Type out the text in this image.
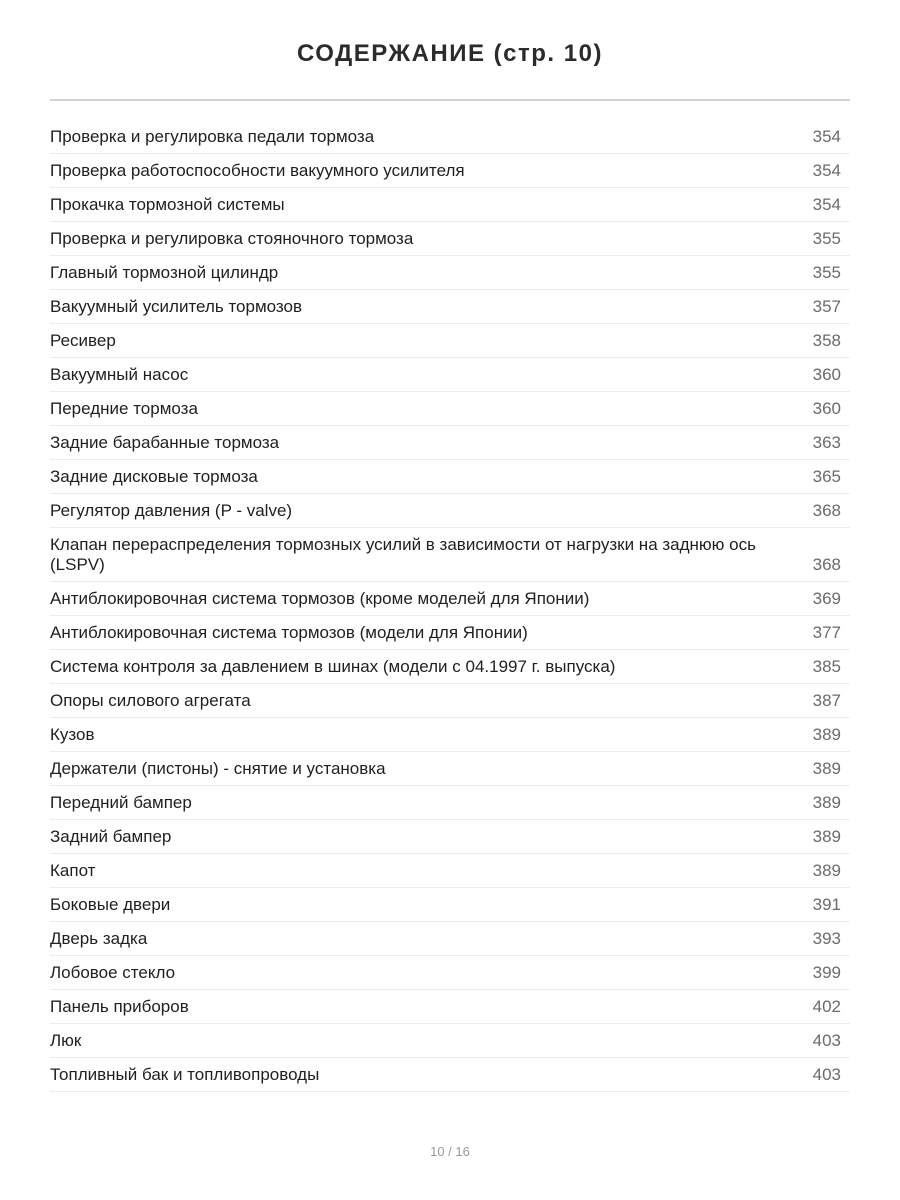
СОДЕРЖАНИЕ (стр. 10)
Проверка и регулировка педали тормоза	354
Проверка работоспособности вакуумного усилителя	354
Прокачка тормозной системы	354
Проверка и регулировка стояночного тормоза	355
Главный тормозной цилиндр	355
Вакуумный усилитель тормозов	357
Ресивер	358
Вакуумный насос	360
Передние тормоза	360
Задние барабанные тормоза	363
Задние дисковые тормоза	365
Регулятор давления (P - valve)	368
Клапан перераспределения тормозных усилий в зависимости от нагрузки на заднюю ось (LSPV)	368
Антиблокировочная система тормозов (кроме моделей для Японии)	369
Антиблокировочная система тормозов (модели для Японии)	377
Система контроля за давлением в шинах (модели с 04.1997 г. выпуска)	385
Опоры силового агрегата	387
Кузов	389
Держатели (пистоны) - снятие и установка	389
Передний бампер	389
Задний бампер	389
Капот	389
Боковые двери	391
Дверь задка	393
Лобовое стекло	399
Панель приборов	402
Люк	403
Топливный бак и топливопроводы	403
10 / 16
